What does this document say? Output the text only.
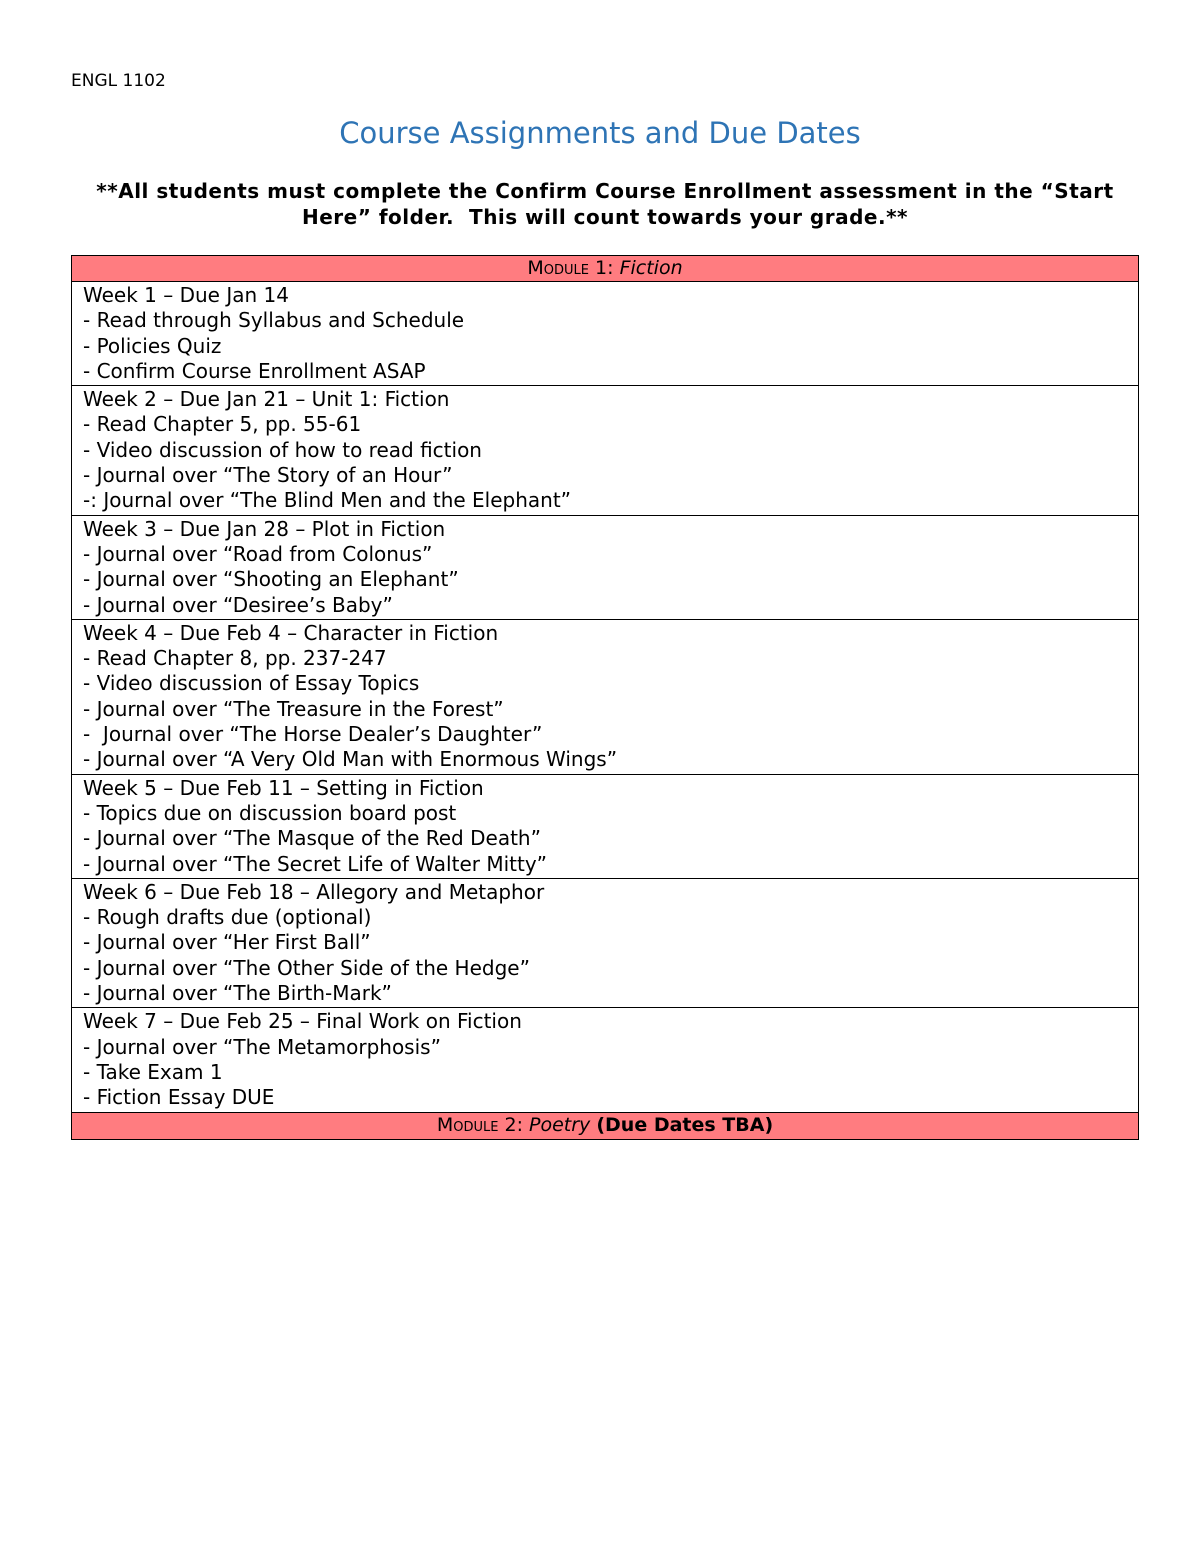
ENGL 1102
Course Assignments and Due Dates
**All students must complete the Confirm Course Enrollment assessment in the “Start
Here” folder.  This will count towards your grade.**
Module 1: Fiction
Week 1 – Due Jan 14
- Read through Syllabus and Schedule
- Policies Quiz
- Confirm Course Enrollment ASAP
Week 2 – Due Jan 21 – Unit 1: Fiction
- Read Chapter 5, pp. 55-61
- Video discussion of how to read fiction
- Journal over “The Story of an Hour”
-: Journal over “The Blind Men and the Elephant”
Week 3 – Due Jan 28 – Plot in Fiction
- Journal over “Road from Colonus”
- Journal over “Shooting an Elephant”
- Journal over “Desiree’s Baby”
Week 4 – Due Feb 4 – Character in Fiction
- Read Chapter 8, pp. 237-247
- Video discussion of Essay Topics
- Journal over “The Treasure in the Forest”
-  Journal over “The Horse Dealer’s Daughter”
- Journal over “A Very Old Man with Enormous Wings”
Week 5 – Due Feb 11 – Setting in Fiction
- Topics due on discussion board post
- Journal over “The Masque of the Red Death”
- Journal over “The Secret Life of Walter Mitty”
Week 6 – Due Feb 18 – Allegory and Metaphor
- Rough drafts due (optional)
- Journal over “Her First Ball”
- Journal over “The Other Side of the Hedge”
- Journal over “The Birth-Mark”
Week 7 – Due Feb 25 – Final Work on Fiction
- Journal over “The Metamorphosis”
- Take Exam 1
- Fiction Essay DUE
Module 2: Poetry (Due Dates TBA)
